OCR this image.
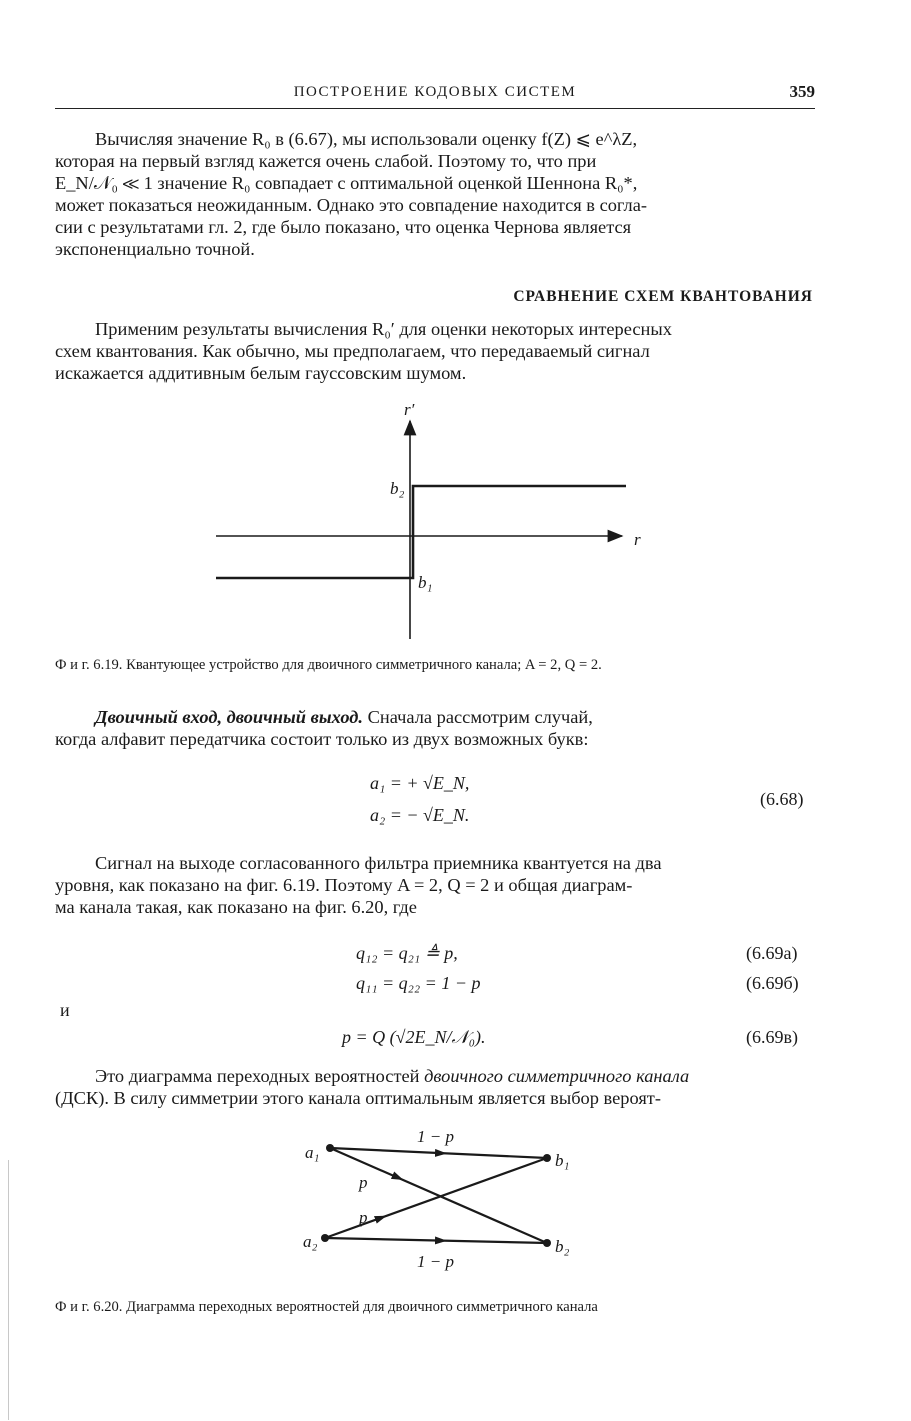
ПОСТРОЕНИЕ КОДОВЫХ СИСТЕМ	359
Вычисляя значение R₀ в (6.67), мы использовали оценку f(Z) ⩽ e^λZ,
которая на первый взгляд кажется очень слабой. Поэтому то, что при
E_N/𝒩₀ ≪ 1 значение R₀ совпадает с оптимальной оценкой Шеннона R₀*,
может показаться неожиданным. Однако это совпадение находится в согла-
сии с результатами гл. 2, где было показано, что оценка Чернова является
экспоненциально точной.
СРАВНЕНИЕ СХЕМ КВАНТОВАНИЯ
Применим результаты вычисления R₀′ для оценки некоторых интересных
схем квантования. Как обычно, мы предполагаем, что передаваемый сигнал
искажается аддитивным белым гауссовским шумом.
r′
r
b₂
b₁
Ф и г. 6.19. Квантующее устройство для двоичного симметричного канала; A = 2, Q = 2.
Двоичный вход, двоичный выход. Сначала рассмотрим случай,
когда алфавит передатчика состоит только из двух возможных букв:
a₁ = + √E_N,
a₂ = − √E_N.
(6.68)
Сигнал на выходе согласованного фильтра приемника квантуется на два
уровня, как показано на фиг. 6.19. Поэтому A = 2, Q = 2 и общая диаграм-
ма канала такая, как показано на фиг. 6.20, где
q₁₂ = q₂₁ ≜ p,	(6.69а)
q₁₁ = q₂₂ = 1 − p	(6.69б)
и
p = Q (√2E_N/𝒩₀).	(6.69в)
Это диаграмма переходных вероятностей двоичного симметричного канала
(ДСК). В силу симметрии этого канала оптимальным является выбор вероят-
a₁
a₂
b₁
b₂
1 − p
1 − p
p
p
Ф и г. 6.20. Диаграмма переходных вероятностей для двоичного симметричного канала
